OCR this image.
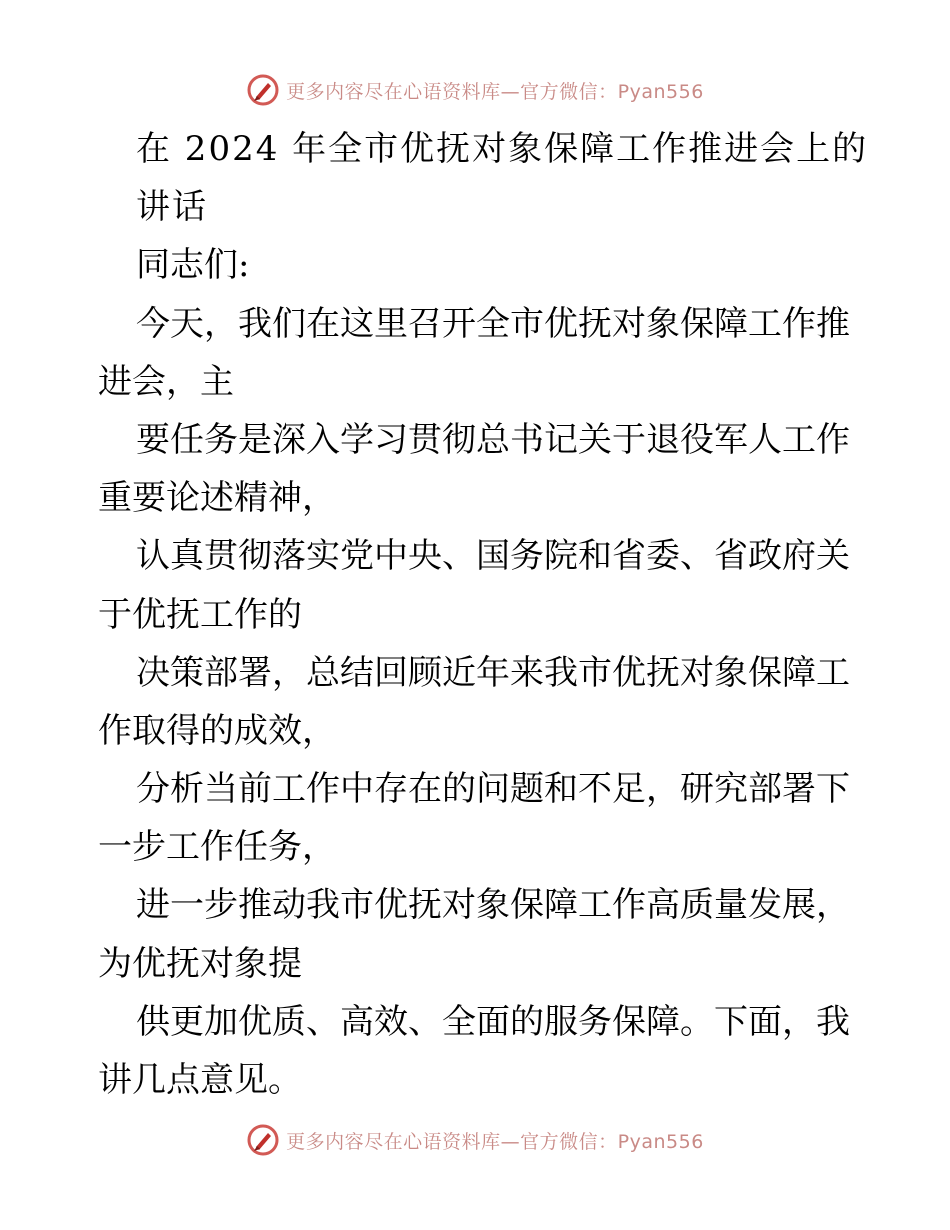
更多内容尽在心语资料库—官方微信：Pyan556
在 2024 年全市优抚对象保障工作推进会上的
讲话
同志们:
今天，我们在这里召开全市优抚对象保障工作推
进会，主
要任务是深入学习贯彻总书记关于退役军人工作
重要论述精神，
认真贯彻落实党中央、国务院和省委、省政府关
于优抚工作的
决策部署，总结回顾近年来我市优抚对象保障工
作取得的成效，
分析当前工作中存在的问题和不足，研究部署下
一步工作任务，
进一步推动我市优抚对象保障工作高质量发展，
为优抚对象提
供更加优质、高效、全面的服务保障。下面，我
讲几点意见。
更多内容尽在心语资料库—官方微信：Pyan556
